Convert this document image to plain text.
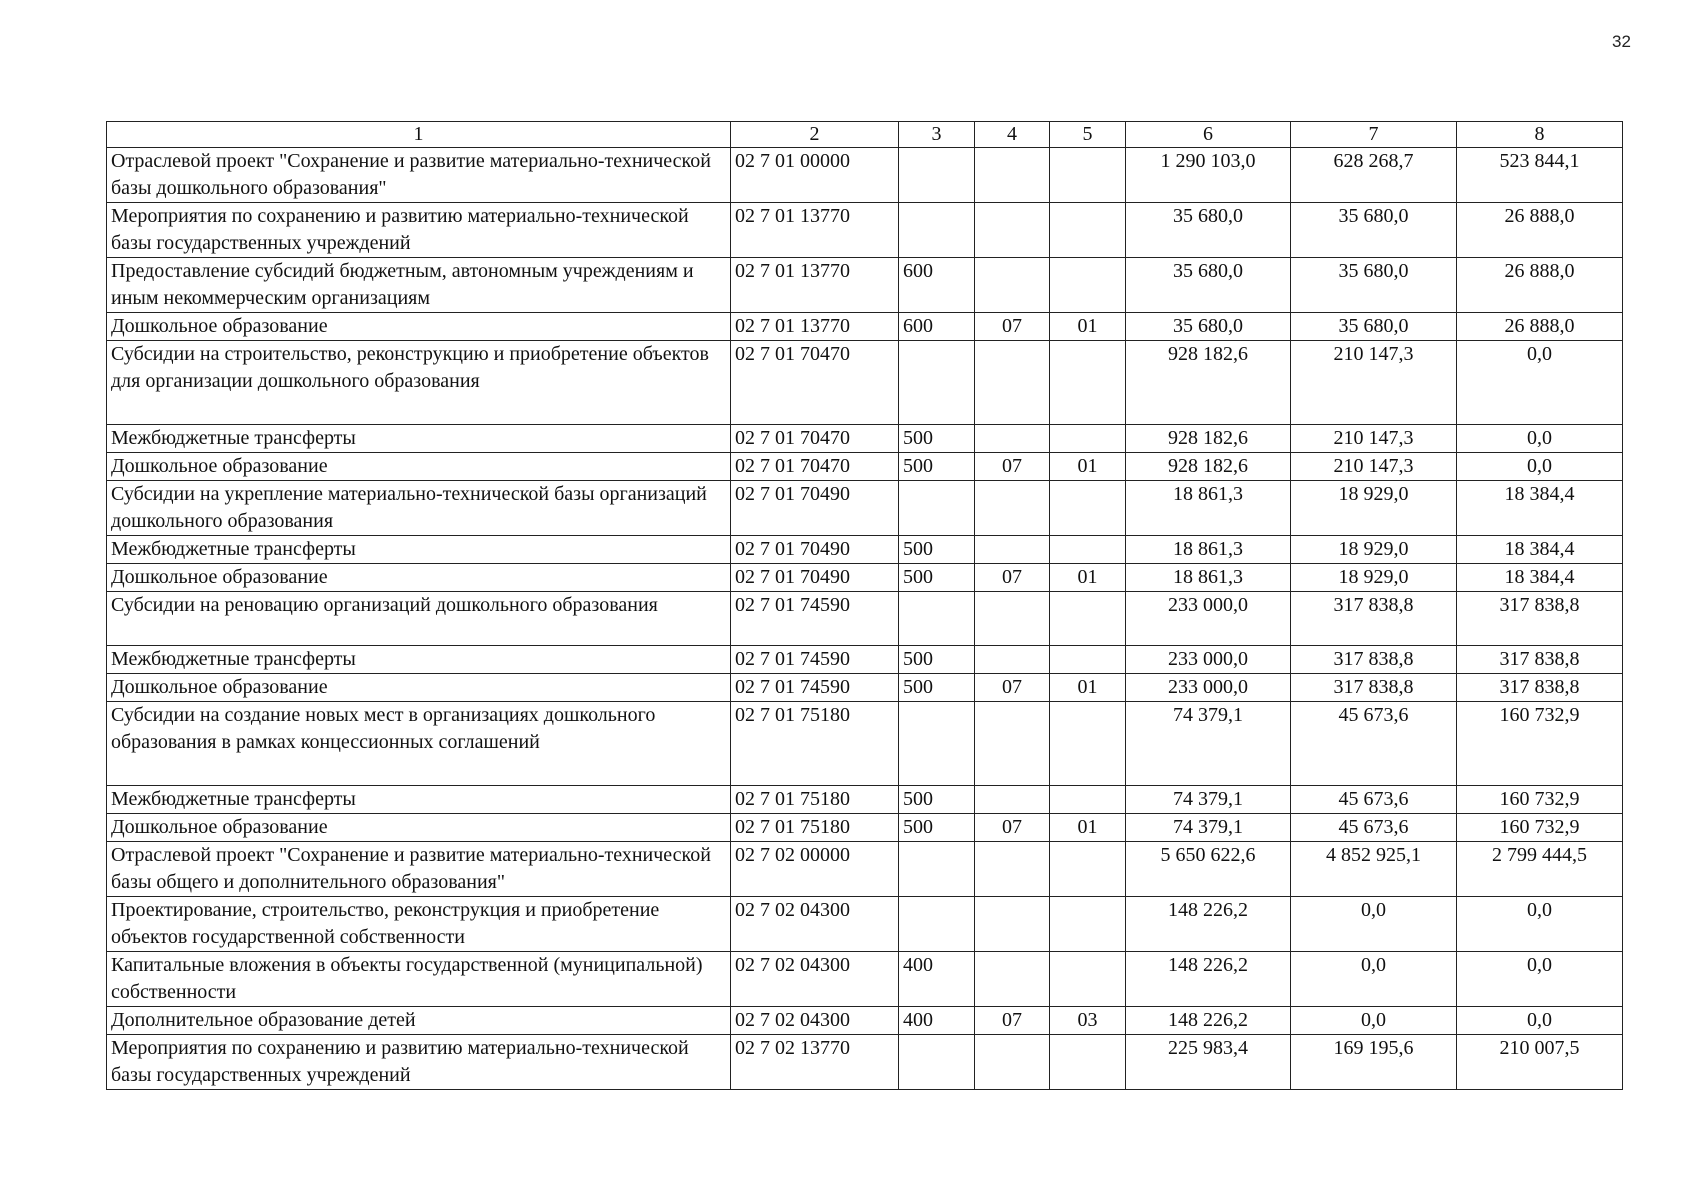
32
1	2	3	4	5	6	7	8
Отраслевой проект "Сохранение и развитие материально-технической базы дошкольного образования"	02 7 01 00000				1 290 103,0	628 268,7	523 844,1
Мероприятия по сохранению и развитию материально-технической базы государственных учреждений	02 7 01 13770				35 680,0	35 680,0	26 888,0
Предоставление субсидий бюджетным, автономным учреждениям и иным некоммерческим организациям	02 7 01 13770	600			35 680,0	35 680,0	26 888,0
Дошкольное образование	02 7 01 13770	600	07	01	35 680,0	35 680,0	26 888,0
Субсидии на строительство, реконструкцию и приобретение объектов для организации дошкольного образования	02 7 01 70470				928 182,6	210 147,3	0,0
Межбюджетные трансферты	02 7 01 70470	500			928 182,6	210 147,3	0,0
Дошкольное образование	02 7 01 70470	500	07	01	928 182,6	210 147,3	0,0
Субсидии на укрепление материально-технической базы организаций дошкольного образования	02 7 01 70490				18 861,3	18 929,0	18 384,4
Межбюджетные трансферты	02 7 01 70490	500			18 861,3	18 929,0	18 384,4
Дошкольное образование	02 7 01 70490	500	07	01	18 861,3	18 929,0	18 384,4
Субсидии на реновацию организаций дошкольного образования	02 7 01 74590				233 000,0	317 838,8	317 838,8
Межбюджетные трансферты	02 7 01 74590	500			233 000,0	317 838,8	317 838,8
Дошкольное образование	02 7 01 74590	500	07	01	233 000,0	317 838,8	317 838,8
Субсидии на создание новых мест в организациях дошкольного образования в рамках концессионных соглашений	02 7 01 75180				74 379,1	45 673,6	160 732,9
Межбюджетные трансферты	02 7 01 75180	500			74 379,1	45 673,6	160 732,9
Дошкольное образование	02 7 01 75180	500	07	01	74 379,1	45 673,6	160 732,9
Отраслевой проект "Сохранение и развитие материально-технической базы общего и дополнительного образования"	02 7 02 00000				5 650 622,6	4 852 925,1	2 799 444,5
Проектирование, строительство, реконструкция и приобретение объектов государственной собственности	02 7 02 04300				148 226,2	0,0	0,0
Капитальные вложения в объекты государственной (муниципальной) собственности	02 7 02 04300	400			148 226,2	0,0	0,0
Дополнительное образование детей	02 7 02 04300	400	07	03	148 226,2	0,0	0,0
Мероприятия по сохранению и развитию материально-технической базы государственных учреждений	02 7 02 13770				225 983,4	169 195,6	210 007,5
